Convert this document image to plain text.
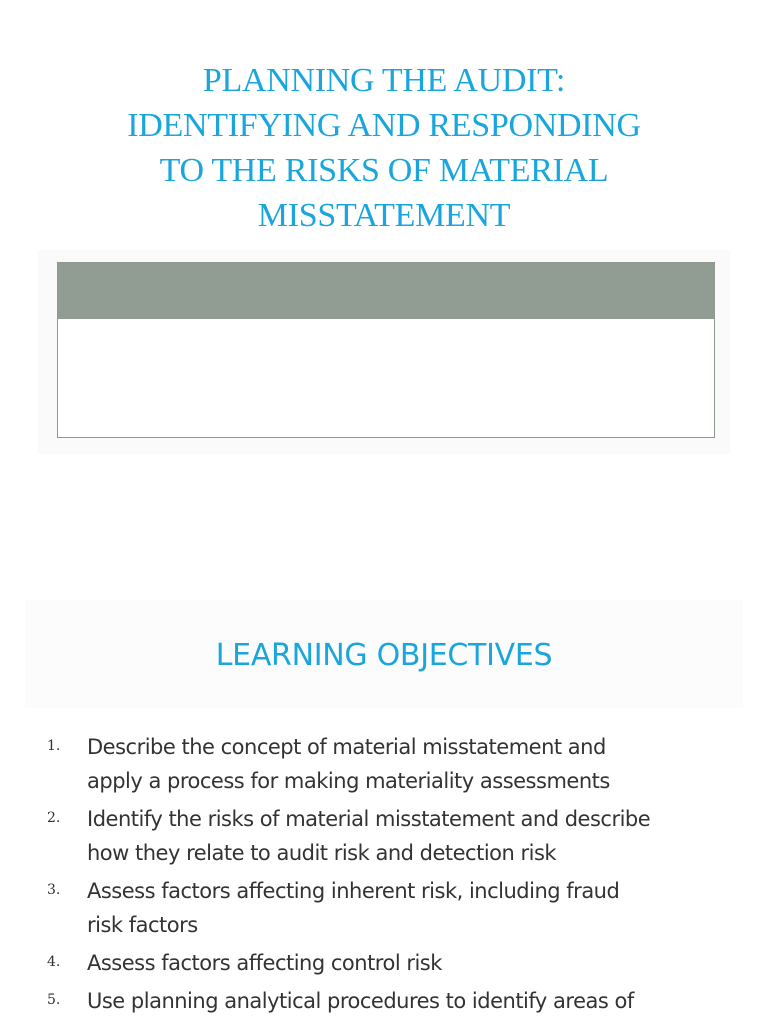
PLANNING THE AUDIT:
IDENTIFYING AND RESPONDING
TO THE RISKS OF MATERIAL
MISSTATEMENT
LEARNING OBJECTIVES
1. Describe the concept of material misstatement and
apply a process for making materiality assessments
2. Identify the risks of material misstatement and describe
how they relate to audit risk and detection risk
3. Assess factors affecting inherent risk, including fraud
risk factors
4. Assess factors affecting control risk
5. Use planning analytical procedures to identify areas of
